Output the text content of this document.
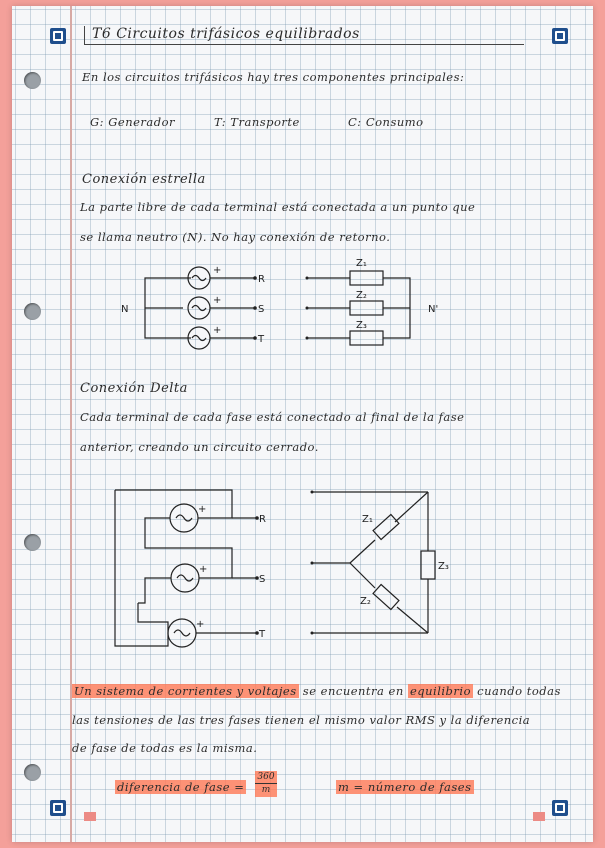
T6 Circuitos trifásicos equilibrados
En los circuitos trifásicos hay tres componentes principales:
G: Generador	T: Transporte	C: Consumo
Conexión estrella
La parte libre de cada terminal está conectada a un punto que
se llama neutro (N). No hay conexión de retorno.
N
R
S
T
+
+
+
Z₁
Z₂
Z₃
N'
Conexión Delta
Cada terminal de cada fase está conectado al final de la fase
anterior, creando un circuito cerrado.
R
S
T
+
+
+
Z₁
Z₂
Z₃
Un sistema de corrientes y voltajes se encuentra en equilibrio cuando todas
las tensiones de las tres fases tienen el mismo valor RMS y la diferencia
de fase de todas es la misma.
diferencia de fase = $\frac{360}{m}$	m = número de fases
